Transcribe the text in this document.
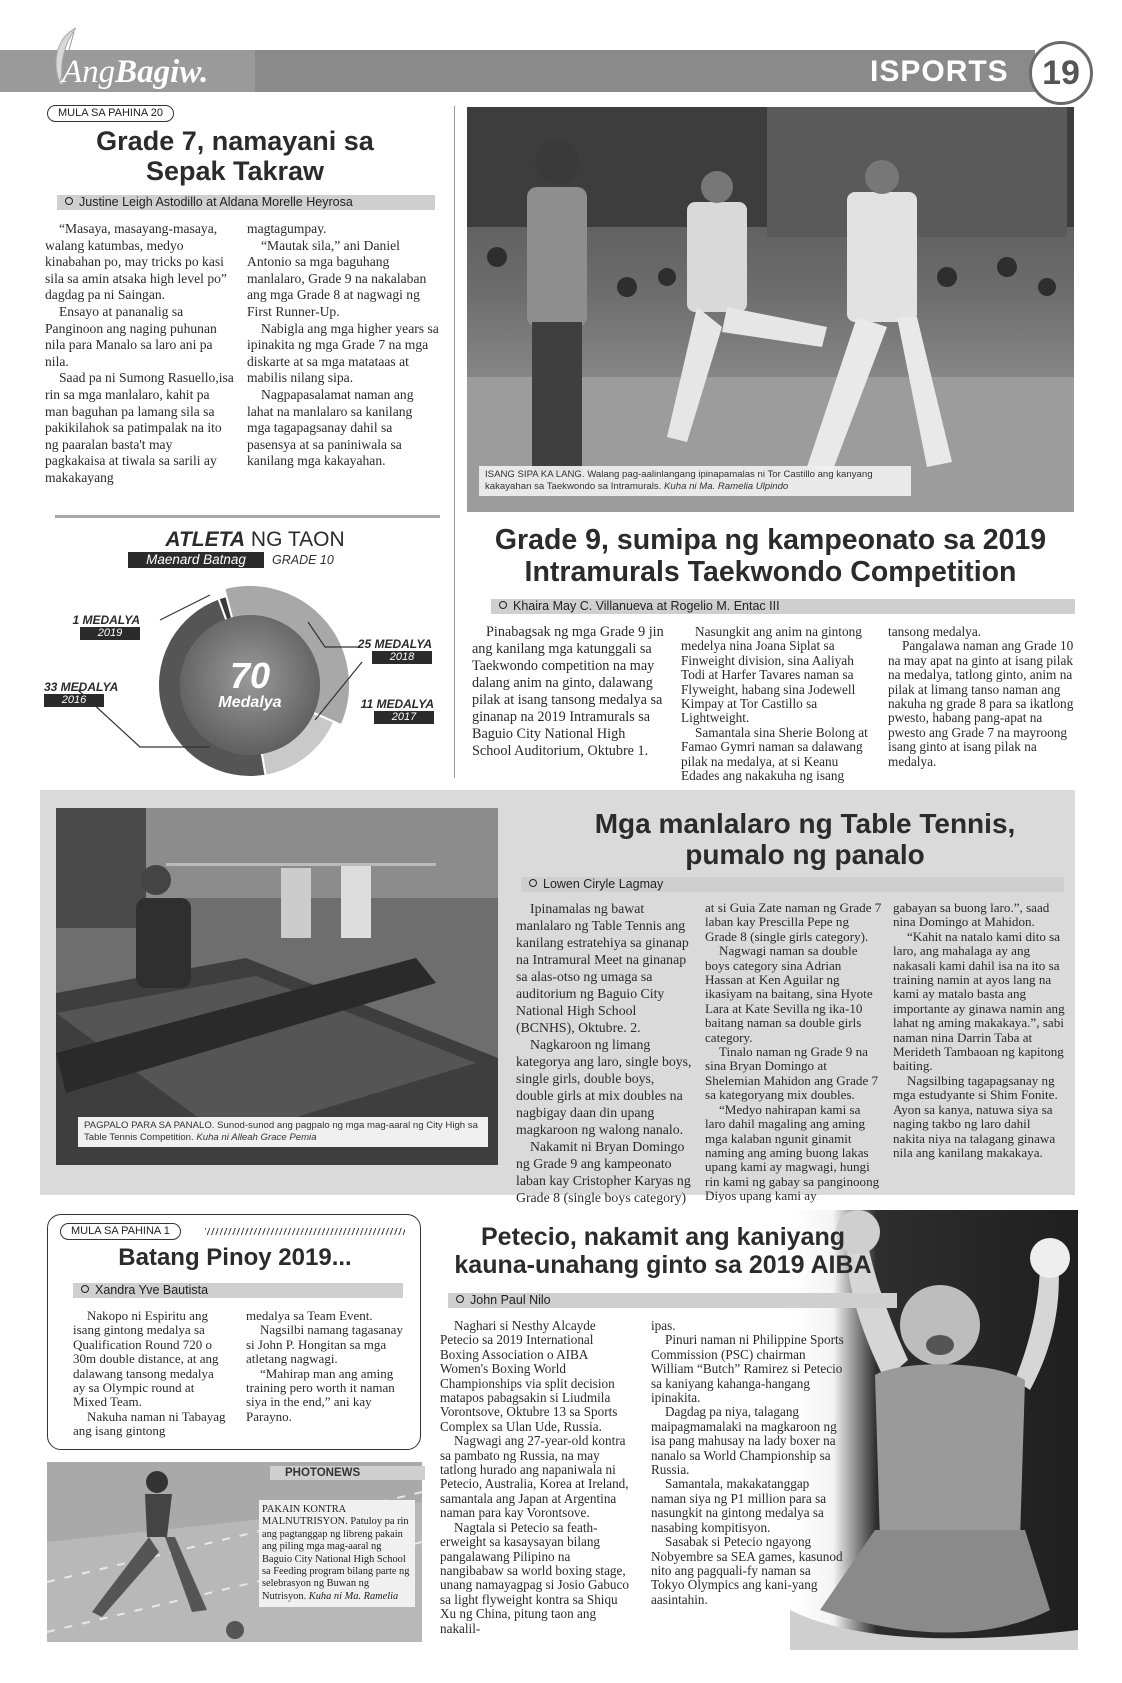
AngBagiw.	ISPORTS 19
MULA SA PAHINA 20
Grade 7, namayani sa Sepak Takraw
Justine Leigh Astodillo at Aldana Morelle Heyrosa

“Masaya, masayang-masaya, walang katumbas, medyo kinabahan po, may tricks po kasi sila sa amin atsaka high level po” dagdag pa ni Saingan.

Ensayo at pananalig sa Panginoon ang naging puhunan nila para Manalo sa laro ani pa nila.

Saad pa ni Sumong Rasuello,isa rin sa mga manlalaro, kahit pa man baguhan pa lamang sila sa pakikilahok sa patimpalak na ito ng paaralan basta't may pagkakaisa at tiwala sa sarili ay makakayang

magtagumpay.

“Mautak sila,” ani Daniel Antonio sa mga baguhang manlalaro, Grade 9 na nakalaban ang mga Grade 8 at nagwagi ng First Runner-Up.

Nabigla ang mga higher years sa ipinakita ng mga Grade 7 na mga diskarte at sa mga matataas at mabilis nilang sipa.

Nagpapasalamat naman ang lahat na manlalaro sa kanilang mga tagapagsanay dahil sa pasensya at sa paniniwala sa kanilang mga kakayahan.

ATLETA NG TAON
Maenard Batnag	GRADE 10
70
Medalya
1 MEDALYA
2019
25 MEDALYA
2018
11 MEDALYA
2017
33 MEDALYA
2016
ISANG SIPA KA LANG. Walang pag-aalinlangang ipinapamalas ni Tor Castillo ang kanyang kakayahan sa Taekwondo sa Intramurals. Kuha ni Ma. Ramelia Ulpindo
Grade 9, sumipa ng kampeonato sa 2019 Intramurals Taekwondo Competition
Khaira May C. Villanueva at Rogelio M. Entac III

Pinabagsak ng mga Grade 9 jin ang kanilang mga katunggali sa Taekwondo competition na may dalang anim na ginto, dalawang pilak at isang tansong medalya sa ginanap na 2019 Intramurals sa Baguio City National High School Auditorium, Oktubre 1.

Nasungkit ang anim na gintong medelya nina Joana Siplat sa Finweight division, sina Aaliyah Todi at Harfer Tavares naman sa Flyweight, habang sina Jodewell Kimpay at Tor Castillo sa Lightweight.

Samantala sina Sherie Bolong at Famao Gymri naman sa dalawang pilak na medalya, at si Keanu Edades ang nakakuha ng isang

tansong medalya.

Pangalawa naman ang Grade 10 na may apat na ginto at isang pilak na medalya, tatlong ginto, anim na pilak at limang tanso naman ang nakuha ng grade 8 para sa ikatlong pwesto, habang pang-apat na pwesto ang Grade 7 na mayroong isang ginto at isang pilak na medalya.

PAGPALO PARA SA PANALO. Sunod-sunod ang pagpalo ng mga mag-aaral ng City High sa Table Tennis Competition. Kuha ni Alleah Grace Pemia
Mga manlalaro ng Table Tennis, pumalo ng panalo
Lowen Ciryle Lagmay

Ipinamalas ng bawat manlalaro ng Table Tennis ang kanilang estratehiya sa ginanap na Intramural Meet na ginanap sa alas-otso ng umaga sa auditorium ng Baguio City National High School (BCNHS), Oktubre. 2.

Nagkaroon ng limang kategorya ang laro, single boys, single girls, double boys, double girls at mix doubles na nagbigay daan din upang magkaroon ng walong nanalo.

Nakamit ni Bryan Domingo ng Grade 9 ang kampeonato laban kay Cristopher Karyas ng Grade 8 (single boys category)

at si Guia Zate naman ng Grade 7 laban kay Prescilla Pepe ng Grade 8 (single girls category).

Nagwagi naman sa double boys category sina Adrian Hassan at Ken Aguilar ng ikasiyam na baitang, sina Hyote Lara at Kate Sevilla ng ika-10 baitang naman sa double girls category.

Tinalo naman ng Grade 9 na sina Bryan Domingo at Shelemian Mahidon ang Grade 7 sa kategoryang mix doubles.

“Medyo nahirapan kami sa laro dahil magaling ang aming mga kalaban ngunit ginamit naming ang aming buong lakas upang kami ay magwagi, hungi rin kami ng gabay sa panginoong Diyos upang kami ay

gabayan sa buong laro.”, saad nina Domingo at Mahidon.

“Kahit na natalo kami dito sa laro, ang mahalaga ay ang nakasali kami dahil isa na ito sa training namin at ayos lang na kami ay matalo basta ang importante ay ginawa namin ang lahat ng aming makakaya.”, sabi naman nina Darrin Taba at Merideth Tambaoan ng kapitong baiting.

Nagsilbing tagapagsanay ng mga estudyante si Shim Fonite. Ayon sa kanya, natuwa siya sa naging takbo ng laro dahil nakita niya na talagang ginawa nila ang kanilang makakaya.

MULA SA PAHINA 1
Batang Pinoy 2019...
Xandra Yve Bautista

Nakopo ni Espiritu ang isang gintong medalya sa Qualification Round 720 o 30m double distance, at ang dalawang tansong medalya ay sa Olympic round at Mixed Team.

Nakuha naman ni Tabayag ang isang gintong

medalya sa Team Event.

Nagsilbi namang tagasanay si John P. Hongitan sa mga atletang nagwagi.

“Mahirap man ang aming training pero worth it naman siya in the end,” ani kay Parayno.

PHOTONEWS
PAKAIN KONTRA MALNUTRISYON. Patuloy pa rin ang pagtanggap ng libreng pakain ang piling mga mag-aaral ng Baguio City National High School sa Feeding program bilang parte ng selebrasyon ng Buwan ng Nutrisyon. Kuha ni Ma. Ramelia
Petecio, nakamit ang kaniyang kauna-unahang ginto sa 2019 AIBA
John Paul Nilo

Naghari si Nesthy Alcayde Petecio sa 2019 International Boxing Association o AIBA Women's Boxing World Championships via split decision matapos pabagsakin si Liudmila Vorontsove, Oktubre 13 sa Sports Complex sa Ulan Ude, Russia.

Nagwagi ang 27-year-old kontra sa pambato ng Russia, na may tatlong hurado ang napaniwala ni Petecio, Australia, Korea at Ireland, samantala ang Japan at Argentina naman para kay Vorontsove.

Nagtala si Petecio sa feath-erweight sa kasaysayan bilang pangalawang Pilipino na nangibabaw sa world boxing stage, unang namayagpag si Josio Gabuco sa light flyweight kontra sa Shiqu Xu ng China, pitung taon ang nakalil-

ipas.

Pinuri naman ni Philippine Sports Commission (PSC) chairman William “Butch” Ramirez si Petecio sa kaniyang kahanga-hangang ipinakita.

Dagdag pa niya, talagang maipagmamalaki na magkaroon ng isa pang mahusay na lady boxer na nanalo sa World Championship sa Russia.

Samantala, makakatanggap naman siya ng P1 million para sa nasungkit na gintong medalya sa nasabing kompitisyon.

Sasabak si Petecio ngayong Nobyembre sa SEA games, kasunod nito ang pagquali-fy naman sa Tokyo Olympics ang kani-yang aasintahin.
